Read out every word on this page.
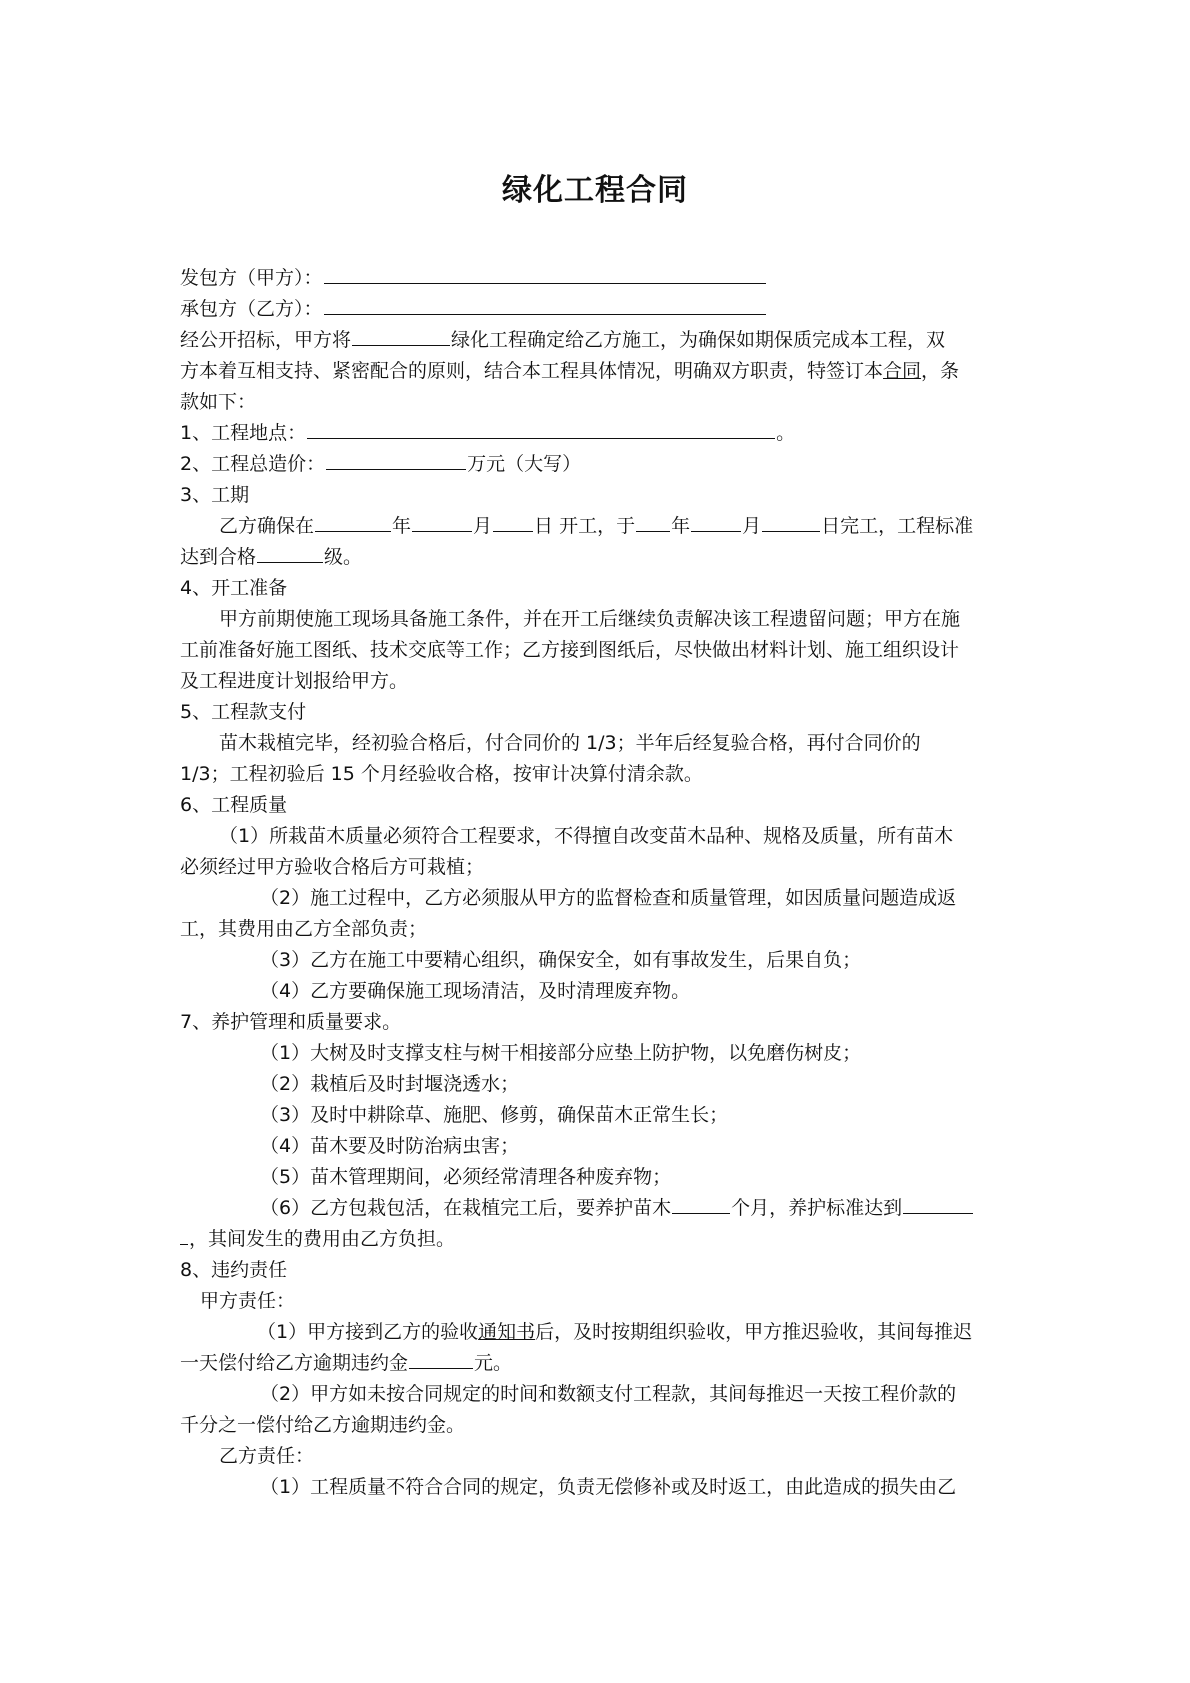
绿化工程合同
发包方（甲方）：
承包方（乙方）：
经公开招标，甲方将	绿化工程确定给乙方施工，为确保如期保质完成本工程，双
方本着互相支持、紧密配合的原则，结合本工程具体情况，明确双方职责，特签订本合同，条
款如下：
1、工程地点：	。
2、工程总造价：	万元（大写）
3、工期
乙方确保在	年	月 日 开工，于 年	月	日完工，工程标准
达到合格	级。
4、开工准备
甲方前期使施工现场具备施工条件，并在开工后继续负责解决该工程遗留问题；甲方在施
工前准备好施工图纸、技术交底等工作；乙方接到图纸后，尽快做出材料计划、施工组织设计
及工程进度计划报给甲方。
5、工程款支付
苗木栽植完毕，经初验合格后，付合同价的 1/3；半年后经复验合格，再付合同价的
1/3；工程初验后 15 个月经验收合格，按审计决算付清余款。
6、工程质量
（1）所栽苗木质量必须符合工程要求，不得擅自改变苗木品种、规格及质量，所有苗木
必须经过甲方验收合格后方可栽植；
（2）施工过程中，乙方必须服从甲方的监督检查和质量管理，如因质量问题造成返
工，其费用由乙方全部负责；
（3）乙方在施工中要精心组织，确保安全，如有事故发生，后果自负；
（4）乙方要确保施工现场清洁，及时清理废弃物。
7、养护管理和质量要求。
（1）大树及时支撑支柱与树干相接部分应垫上防护物，以免磨伤树皮；
（2）栽植后及时封堰浇透水；
（3）及时中耕除草、施肥、修剪，确保苗木正常生长；
（4）苗木要及时防治病虫害；
（5）苗木管理期间，必须经常清理各种废弃物；
（6）乙方包栽包活，在栽植完工后，要养护苗木	个月，养护标准达到
，其间发生的费用由乙方负担。
8、违约责任
甲方责任：
（1）甲方接到乙方的验收通知书后，及时按期组织验收，甲方推迟验收，其间每推迟
一天偿付给乙方逾期违约金	元。
（2）甲方如未按合同规定的时间和数额支付工程款，其间每推迟一天按工程价款的
千分之一偿付给乙方逾期违约金。
乙方责任：
（1）工程质量不符合合同的规定，负责无偿修补或及时返工，由此造成的损失由乙
